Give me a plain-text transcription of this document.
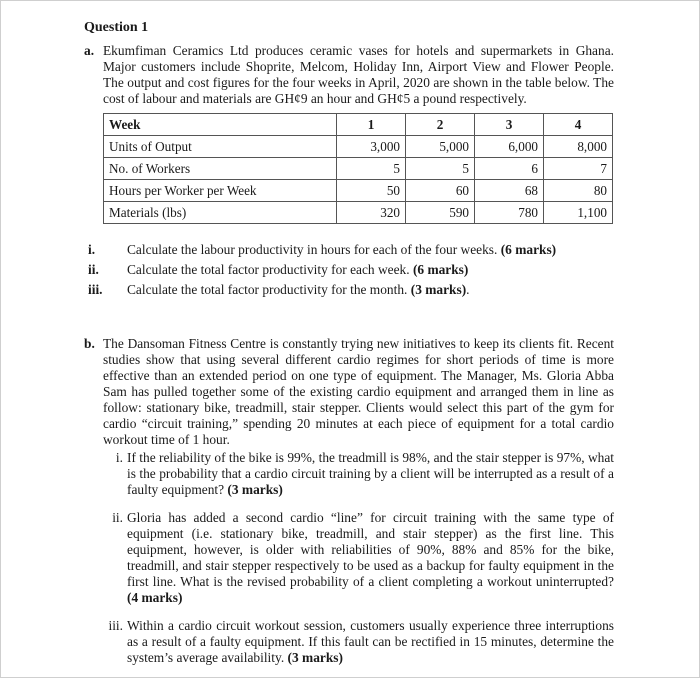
Question 1
a. Ekumfiman Ceramics Ltd produces ceramic vases for hotels and supermarkets in Ghana. Major customers include Shoprite, Melcom, Holiday Inn, Airport View and Flower People. The output and cost figures for the four weeks in April, 2020 are shown in the table below. The cost of labour and materials are GH¢9 an hour and GH¢5 a pound respectively.
Week	1	2	3	4
Units of Output	3,000	5,000	6,000	8,000
No. of Workers	5	5	6	7
Hours per Worker per Week	50	60	68	80
Materials (lbs)	320	590	780	1,100
i. Calculate the labour productivity in hours for each of the four weeks. (6 marks)
ii. Calculate the total factor productivity for each week. (6 marks)
iii. Calculate the total factor productivity for the month. (3 marks).
b. The Dansoman Fitness Centre is constantly trying new initiatives to keep its clients fit. Recent studies show that using several different cardio regimes for short periods of time is more effective than an extended period on one type of equipment. The Manager, Ms. Gloria Abba Sam has pulled together some of the existing cardio equipment and arranged them in line as follow: stationary bike, treadmill, stair stepper. Clients would select this part of the gym for cardio “circuit training,” spending 20 minutes at each piece of equipment for a total cardio workout time of 1 hour.
i. If the reliability of the bike is 99%, the treadmill is 98%, and the stair stepper is 97%, what is the probability that a cardio circuit training by a client will be interrupted as a result of a faulty equipment? (3 marks)
ii. Gloria has added a second cardio “line” for circuit training with the same type of equipment (i.e. stationary bike, treadmill, and stair stepper) as the first line. This equipment, however, is older with reliabilities of 90%, 88% and 85% for the bike, treadmill, and stair stepper respectively to be used as a backup for faulty equipment in the first line. What is the revised probability of a client completing a workout uninterrupted? (4 marks)
iii. Within a cardio circuit workout session, customers usually experience three interruptions as a result of a faulty equipment. If this fault can be rectified in 15 minutes, determine the system’s average availability. (3 marks)
